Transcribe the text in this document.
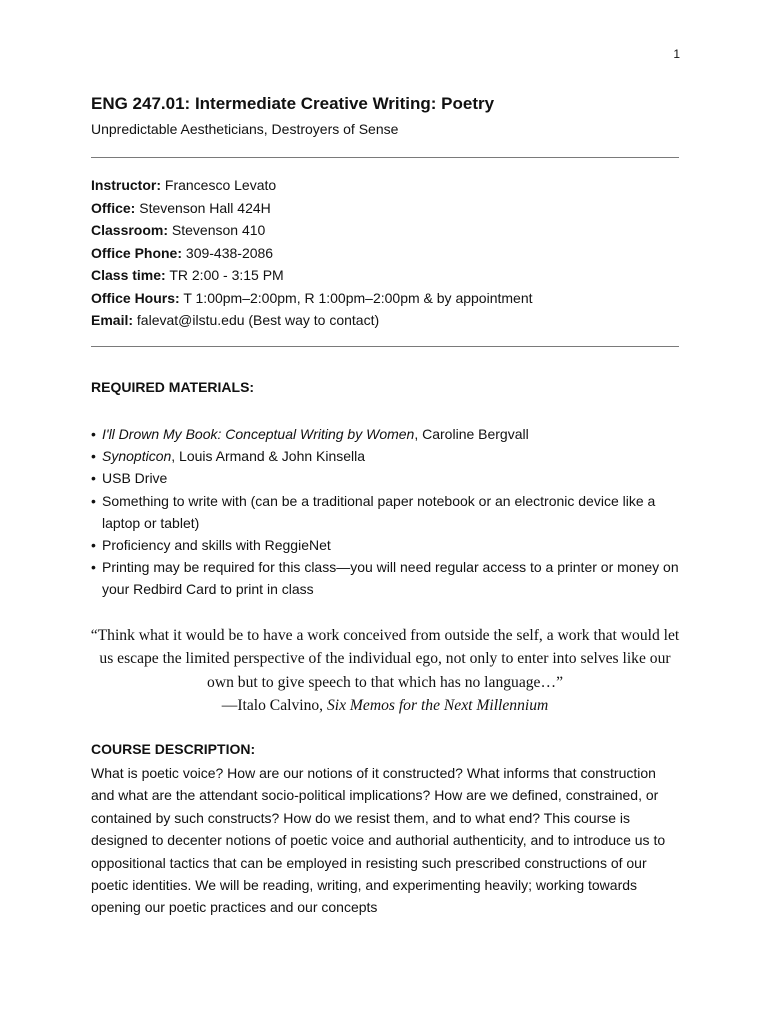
1
ENG 247.01: Intermediate Creative Writing: Poetry
Unpredictable Aestheticians, Destroyers of Sense
Instructor: Francesco Levato
Office: Stevenson Hall 424H
Classroom: Stevenson 410
Office Phone: 309-438-2086
Class time: TR 2:00 - 3:15 PM
Office Hours: T 1:00pm–2:00pm, R 1:00pm–2:00pm & by appointment
Email: falevat@ilstu.edu (Best way to contact)
REQUIRED MATERIALS:
• I'll Drown My Book: Conceptual Writing by Women, Caroline Bergvall
• Synopticon, Louis Armand & John Kinsella
• USB Drive
• Something to write with (can be a traditional paper notebook or an electronic device like a laptop or tablet)
• Proficiency and skills with ReggieNet
• Printing may be required for this class—you will need regular access to a printer or money on your Redbird Card to print in class
“Think what it would be to have a work conceived from outside the self, a work that would let us escape the limited perspective of the individual ego, not only to enter into selves like our own but to give speech to that which has no language…”
—Italo Calvino, Six Memos for the Next Millennium
COURSE DESCRIPTION:

What is poetic voice? How are our notions of it constructed? What informs that construction and what are the attendant socio-political implications? How are we defined, constrained, or contained by such constructs? How do we resist them, and to what end? This course is designed to decenter notions of poetic voice and authorial authenticity, and to introduce us to oppositional tactics that can be employed in resisting such prescribed constructions of our poetic identities. We will be reading, writing, and experimenting heavily; working towards opening our poetic practices and our concepts
